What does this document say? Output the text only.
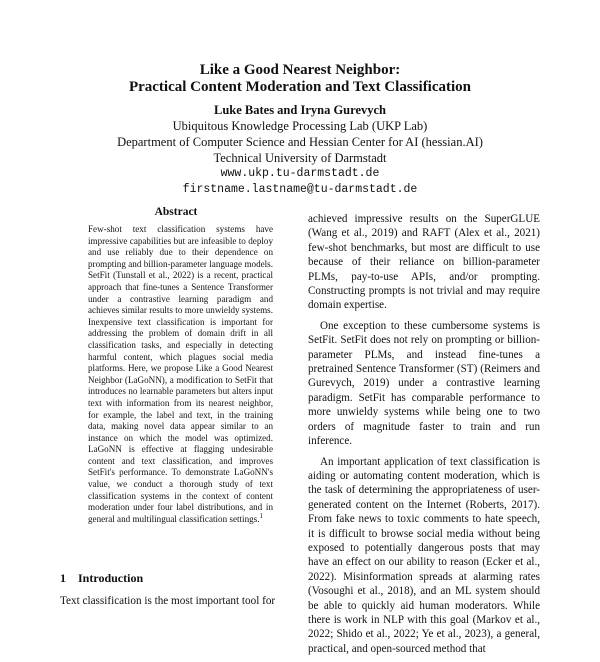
Like a Good Nearest Neighbor:
Practical Content Moderation and Text Classification
Luke Bates and Iryna Gurevych
Ubiquitous Knowledge Processing Lab (UKP Lab)
Department of Computer Science and Hessian Center for AI (hessian.AI)
Technical University of Darmstadt
www.ukp.tu-darmstadt.de
firstname.lastname@tu-darmstadt.de
Abstract
Few-shot text classification systems have impressive capabilities but are infeasible to deploy and use reliably due to their dependence on prompting and billion-parameter language models. SetFit (Tunstall et al., 2022) is a recent, practical approach that fine-tunes a Sentence Transformer under a contrastive learning paradigm and achieves similar results to more unwieldy systems. Inexpensive text classification is important for addressing the problem of domain drift in all classification tasks, and especially in detecting harmful content, which plagues social media platforms. Here, we propose Like a Good Nearest Neighbor (LaGoNN), a modification to SetFit that introduces no learnable parameters but alters input text with information from its nearest neighbor, for example, the label and text, in the training data, making novel data appear similar to an instance on which the model was optimized. LaGoNN is effective at flagging undesirable content and text classification, and improves SetFit's performance. To demonstrate LaGoNN's value, we conduct a thorough study of text classification systems in the context of content moderation under four label distributions, and in general and multilingual classification settings.$^1$
1 Introduction
Text classification is the most important tool for

achieved impressive results on the SuperGLUE (Wang et al., 2019) and RAFT (Alex et al., 2021) few-shot benchmarks, but most are difficult to use because of their reliance on billion-parameter PLMs, pay-to-use APIs, and/or prompting. Constructing prompts is not trivial and may require domain expertise.

One exception to these cumbersome systems is SetFit. SetFit does not rely on prompting or billion-parameter PLMs, and instead fine-tunes a pretrained Sentence Transformer (ST) (Reimers and Gurevych, 2019) under a contrastive learning paradigm. SetFit has comparable performance to more unwieldy systems while being one to two orders of magnitude faster to train and run inference.

An important application of text classification is aiding or automating content moderation, which is the task of determining the appropriateness of user-generated content on the Internet (Roberts, 2017). From fake news to toxic comments to hate speech, it is difficult to browse social media without being exposed to potentially dangerous posts that may have an effect on our ability to reason (Ecker et al., 2022). Misinformation spreads at alarming rates (Vosoughi et al., 2018), and an ML system should be able to quickly aid human moderators. While there is work in NLP with this goal (Markov et al., 2022; Shido et al., 2022; Ye et al., 2023), a general, practical, and open-sourced method that
